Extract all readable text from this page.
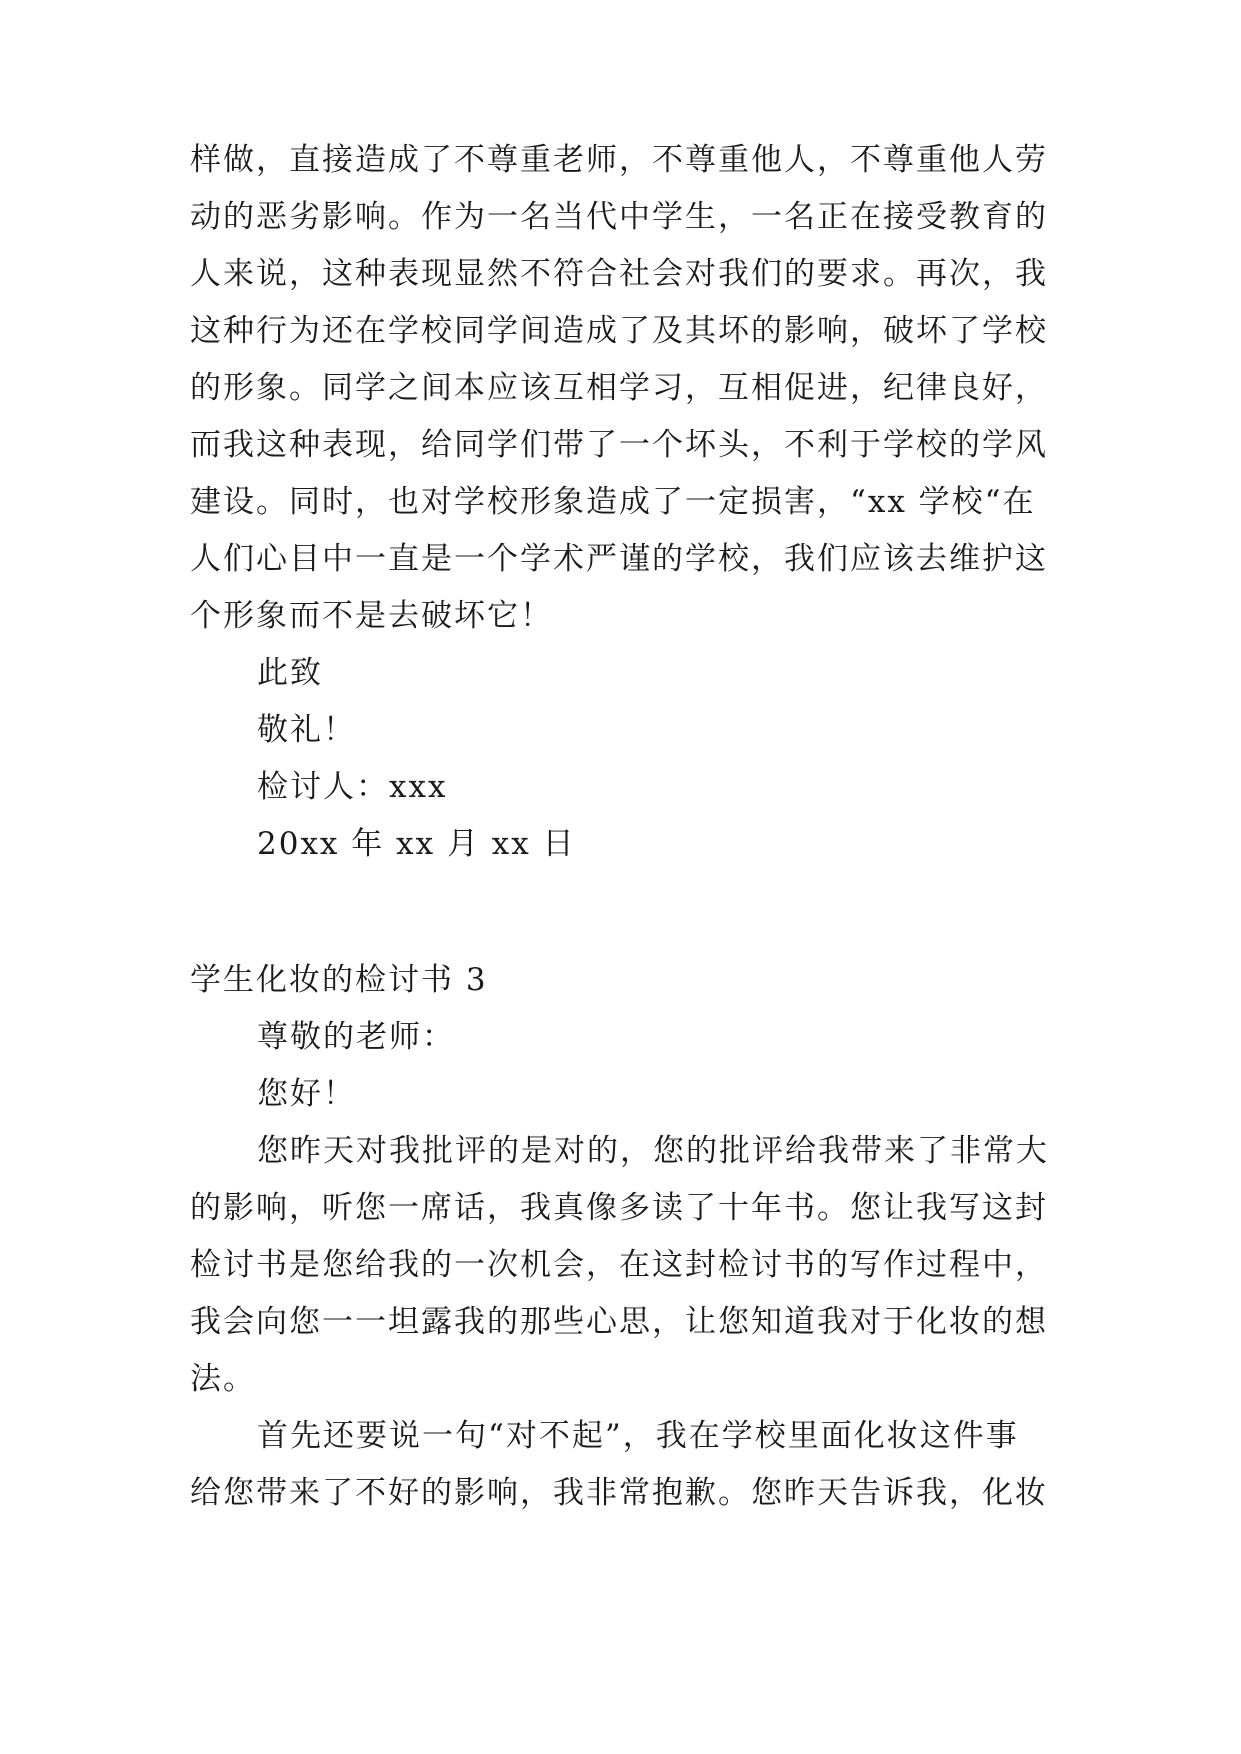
样做，直接造成了不尊重老师，不尊重他人，不尊重他人劳

动的恶劣影响。作为一名当代中学生，一名正在接受教育的

人来说，这种表现显然不符合社会对我们的要求。再次，我

这种行为还在学校同学间造成了及其坏的影响，破坏了学校

的形象。同学之间本应该互相学习，互相促进，纪律良好，

而我这种表现，给同学们带了一个坏头，不利于学校的学风

建设。同时，也对学校形象造成了一定损害，“xx 学校“在

人们心目中一直是一个学术严谨的学校，我们应该去维护这

个形象而不是去破坏它！

此致

敬礼！

检讨人：xxx

20xx 年 xx 月 xx 日

学生化妆的检讨书 3

尊敬的老师：

您好！

您昨天对我批评的是对的，您的批评给我带来了非常大

的影响，听您一席话，我真像多读了十年书。您让我写这封

检讨书是您给我的一次机会，在这封检讨书的写作过程中，

我会向您一一坦露我的那些心思，让您知道我对于化妆的想

法。

首先还要说一句“对不起”，我在学校里面化妆这件事

给您带来了不好的影响，我非常抱歉。您昨天告诉我，化妆
